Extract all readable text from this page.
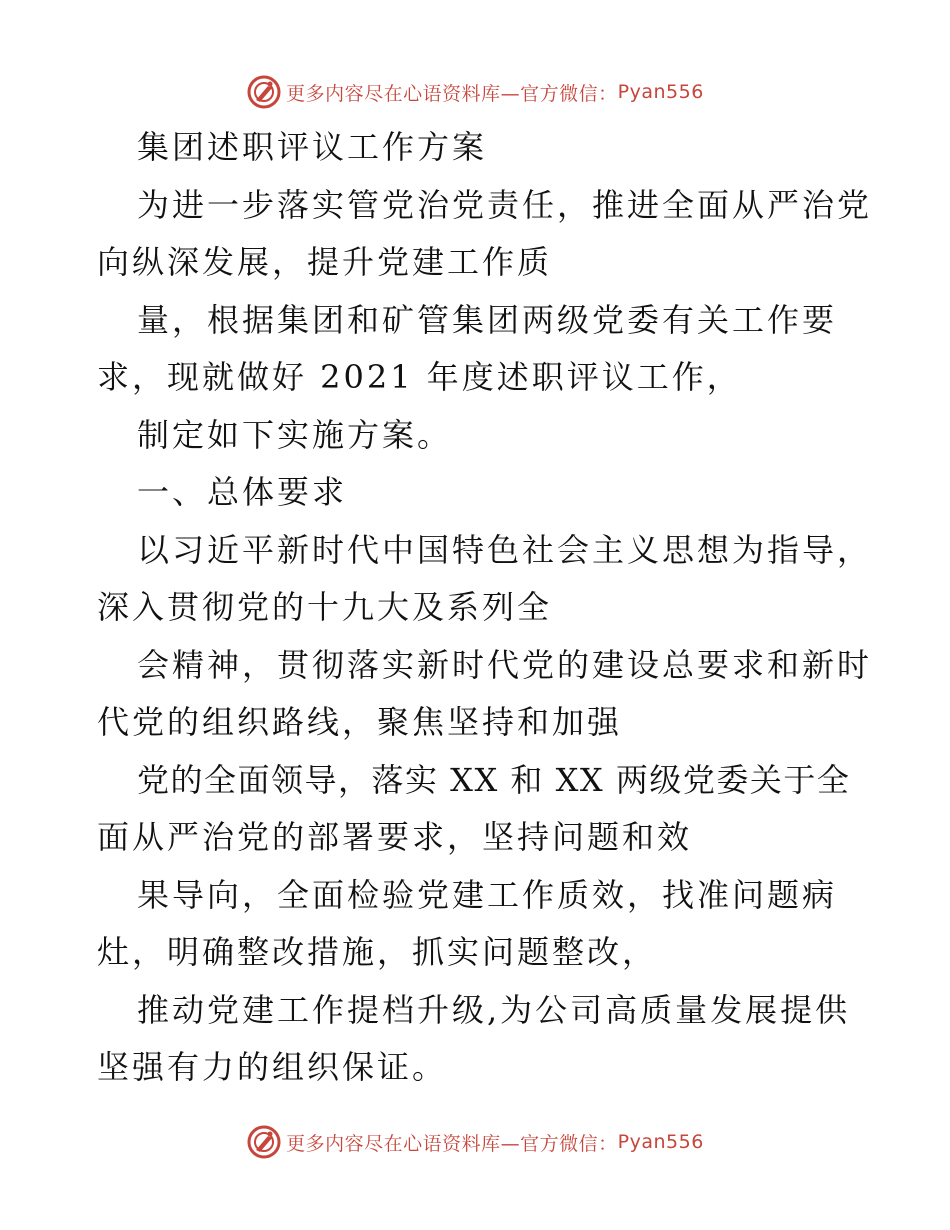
更多内容尽在心语资料库—官方微信： Pyan556
集团述职评议工作方案
为进一步落实管党治党责任，推进全面从严治党
向纵深发展，提升党建工作质
量，根据集团和矿管集团两级党委有关工作要
求，现就做好 2021 年度述职评议工作，
制定如下实施方案。
一、总体要求
以习近平新时代中国特色社会主义思想为指导，
深入贯彻党的十九大及系列全
会精神，贯彻落实新时代党的建设总要求和新时
代党的组织路线，聚焦坚持和加强
党的全面领导，落实 XX 和 XX 两级党委关于全
面从严治党的部署要求，坚持问题和效
果导向，全面检验党建工作质效，找准问题病
灶，明确整改措施，抓实问题整改，
推动党建工作提档升级,为公司高质量发展提供
坚强有力的组织保证。
更多内容尽在心语资料库—官方微信： Pyan556
